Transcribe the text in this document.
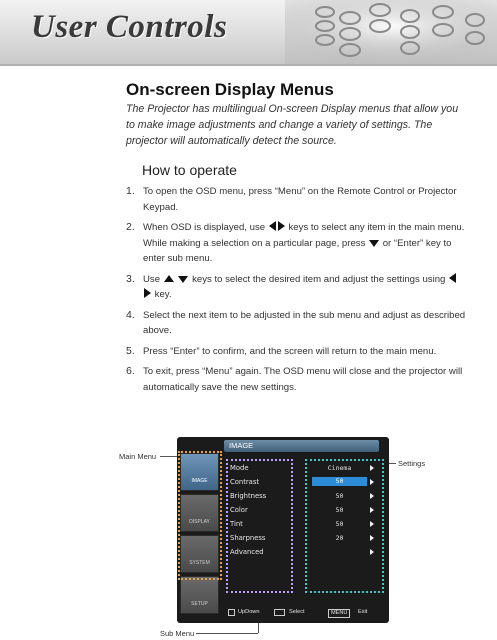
User Controls
On-screen Display Menus
The Projector has multilingual On-screen Display menus that allow you to make image adjustments and change a variety of settings. The projector will automatically detect the source.
How to operate
1. To open the OSD menu, press “Menu” on the Remote Control or Projector Keypad.
2. When OSD is displayed, use keys to select any item in the main menu. While making a selection on a particular page, press or “Enter” key to enter sub menu.
3. Use	keys to select the desired item and adjust the settings using  key.
4. Select the next item to be adjusted in the sub menu and adjust as described above.
5. Press “Enter” to confirm, and the screen will return to the main menu.
6. To exit, press “Menu” again. The OSD menu will close and the projector will automatically save the new settings.
Main Menu
Settings
Sub Menu
IMAGE
IMAGE
DISPLAY
SYSTEM
SETUP
Mode
Contrast
Brightness
Color
Tint
Sharpness
Advanced
Cinema
50
50
50
50
20
UpDown	Select	MENU	Exit
